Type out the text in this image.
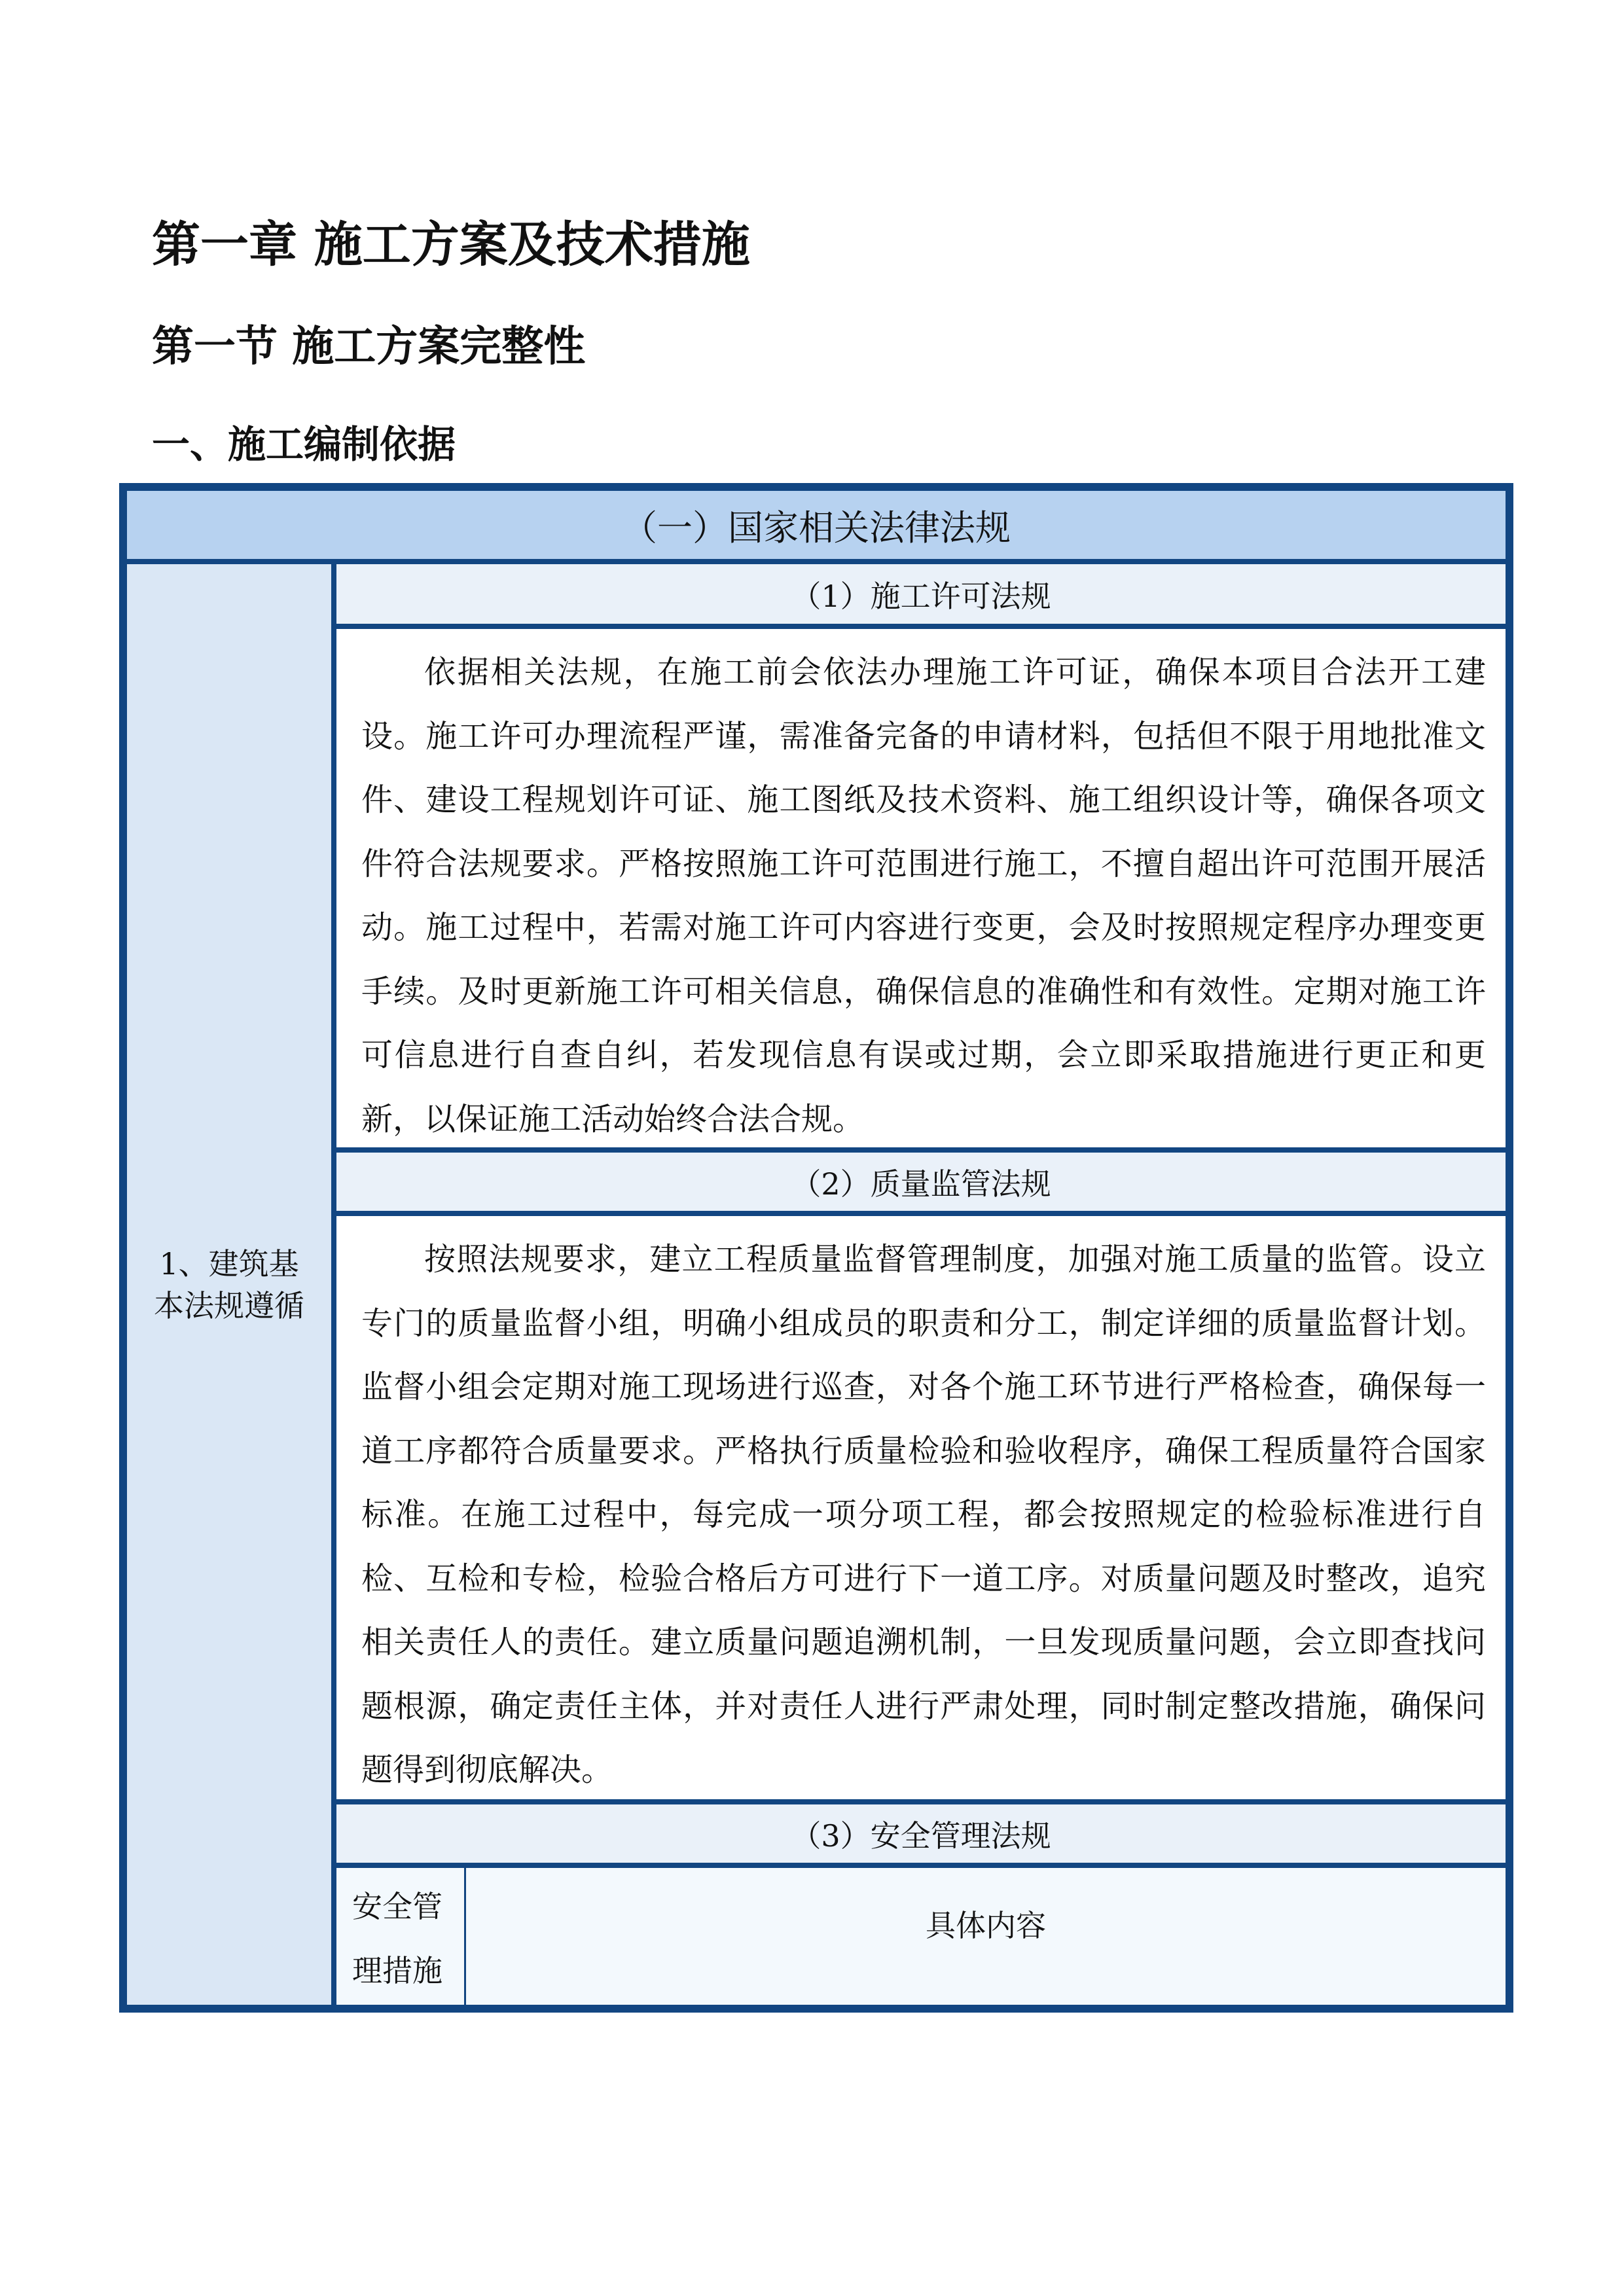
第一章 施工方案及技术措施
第一节 施工方案完整性
一、施工编制依据
（一）国家相关法律法规
1、建筑基本法规遵循
（1）施工许可法规

依据相关法规，在施工前会依法办理施工许可证，确保本项目合法开工建设。施工许可办理流程严谨，需准备完备的申请材料，包括但不限于用地批准文件、建设工程规划许可证、施工图纸及技术资料、施工组织设计等，确保各项文件符合法规要求。严格按照施工许可范围进行施工，不擅自超出许可范围开展活动。施工过程中，若需对施工许可内容进行变更，会及时按照规定程序办理变更手续。及时更新施工许可相关信息，确保信息的准确性和有效性。定期对施工许可信息进行自查自纠，若发现信息有误或过期，会立即采取措施进行更正和更新，以保证施工活动始终合法合规。

（2）质量监管法规

按照法规要求，建立工程质量监督管理制度，加强对施工质量的监管。设立专门的质量监督小组，明确小组成员的职责和分工，制定详细的质量监督计划。监督小组会定期对施工现场进行巡查，对各个施工环节进行严格检查，确保每一道工序都符合质量要求。严格执行质量检验和验收程序，确保工程质量符合国家标准。在施工过程中，每完成一项分项工程，都会按照规定的检验标准进行自检、互检和专检，检验合格后方可进行下一道工序。对质量问题及时整改，追究相关责任人的责任。建立质量问题追溯机制，一旦发现质量问题，会立即查找问题根源，确定责任主体，并对责任人进行严肃处理，同时制定整改措施，确保问题得到彻底解决。

（3）安全管理法规
安全管理措施
具体内容
